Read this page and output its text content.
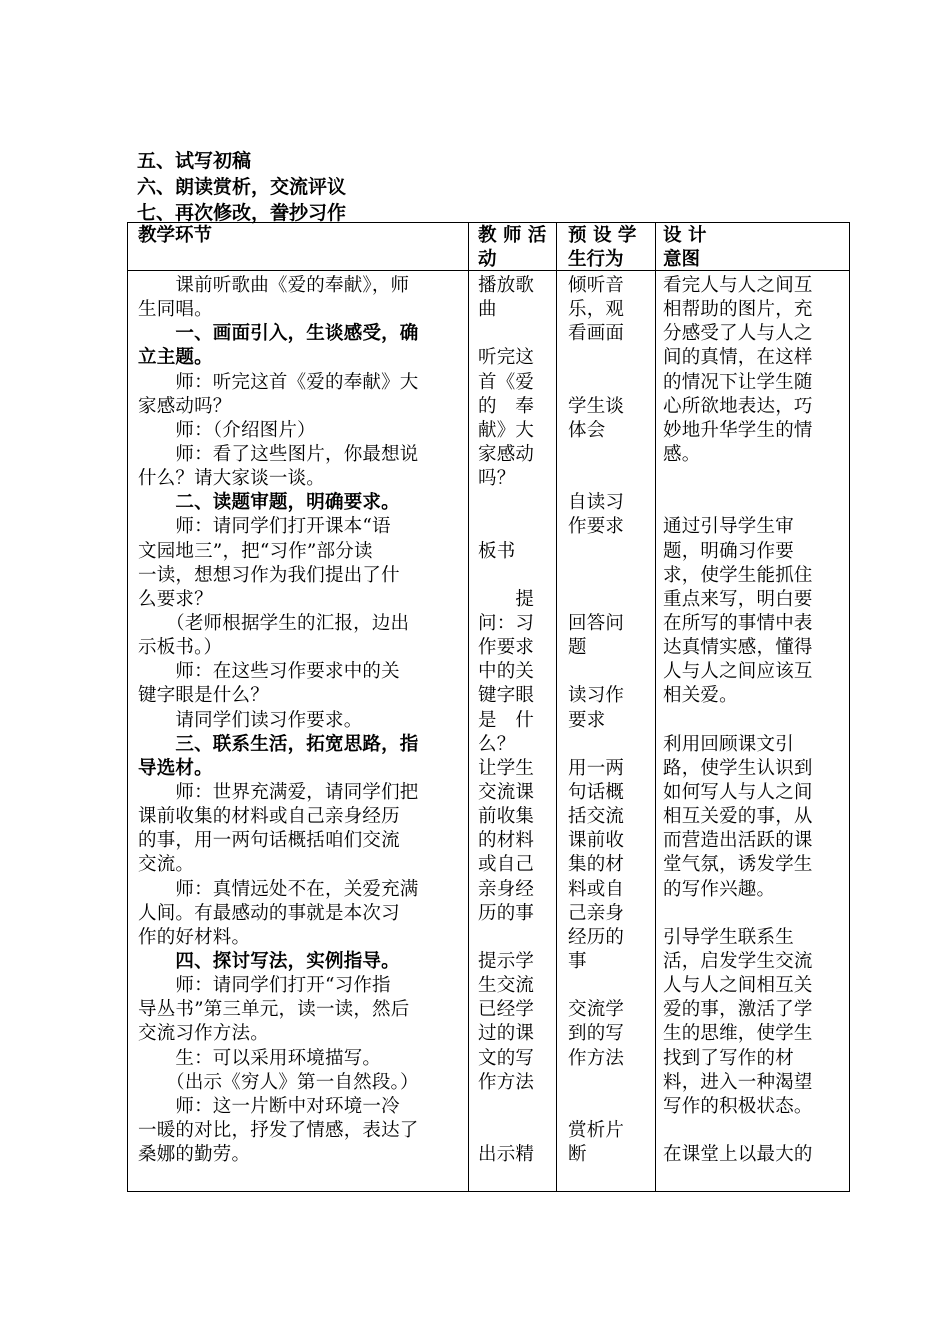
五、试写初稿
六、朗读赏析，交流评议
七、再次修改，誊抄习作
教学环节	教 师 活
动
预 设 学
生行为
设 计
意图
　　课前听歌曲《爱的奉献》，师
生同唱。
　　一、画面引入，生谈感受，确
立主题。
　　师：听完这首《爱的奉献》大
家感动吗？
　　师：（介绍图片）
　　师：看了这些图片，你最想说
什么？请大家谈一谈。
　　二、读题审题，明确要求。
　　师：请同学们打开课本“语
文园地三”，把“习作”部分读
一读，想想习作为我们提出了什
么要求？
　　（老师根据学生的汇报，边出
示板书。）
　　师：在这些习作要求中的关
键字眼是什么？
　　请同学们读习作要求。
　　三、联系生活，拓宽思路，指
导选材。
　　师：世界充满爱，请同学们把
课前收集的材料或自己亲身经历
的事，用一两句话概括咱们交流
交流。
　　师：真情远处不在，关爱充满
人间。有最感动的事就是本次习
作的好材料。
　　四、探讨写法，实例指导。
　　师：请同学们打开“习作指
导丛书”第三单元，读一读，然后
交流习作方法。
　　生：可以采用环境描写。
　　（出示《穷人》第一自然段。）
　　师：这一片断中对环境一冷
一暖的对比，抒发了情感，表达了
桑娜的勤劳。
播放歌
曲

听完这
首《爱
的　奉
献》大
家感动
吗？

板书

　　提
问：习
作要求
中的关
键字眼
是　什
么？
让学生
交流课
前收集
的材料
或自己
亲身经
历的事

提示学
生交流
已经学
过的课
文的写
作方法

出示精
倾听音
乐，观
看画面

学生谈
体会

自读习
作要求

回答问
题

读习作
要求

用一两
句话概
括交流
课前收
集的材
料或自
己亲身
经历的
事

交流学
到的写
作方法

赏析片
断
看完人与人之间互
相帮助的图片，充
分感受了人与人之
间的真情，在这样
的情况下让学生随
心所欲地表达，巧
妙地升华学生的情
感。

通过引导学生审
题，明确习作要
求，使学生能抓住
重点来写，明白要
在所写的事情中表
达真情实感，懂得
人与人之间应该互
相关爱。

利用回顾课文引
路，使学生认识到
如何写人与人之间
相互关爱的事，从
而营造出活跃的课
堂气氛，诱发学生
的写作兴趣。

引导学生联系生
活，启发学生交流
人与人之间相互关
爱的事，激活了学
生的思维，使学生
找到了写作的材
料，进入一种渴望
写作的积极状态。

在课堂上以最大的
